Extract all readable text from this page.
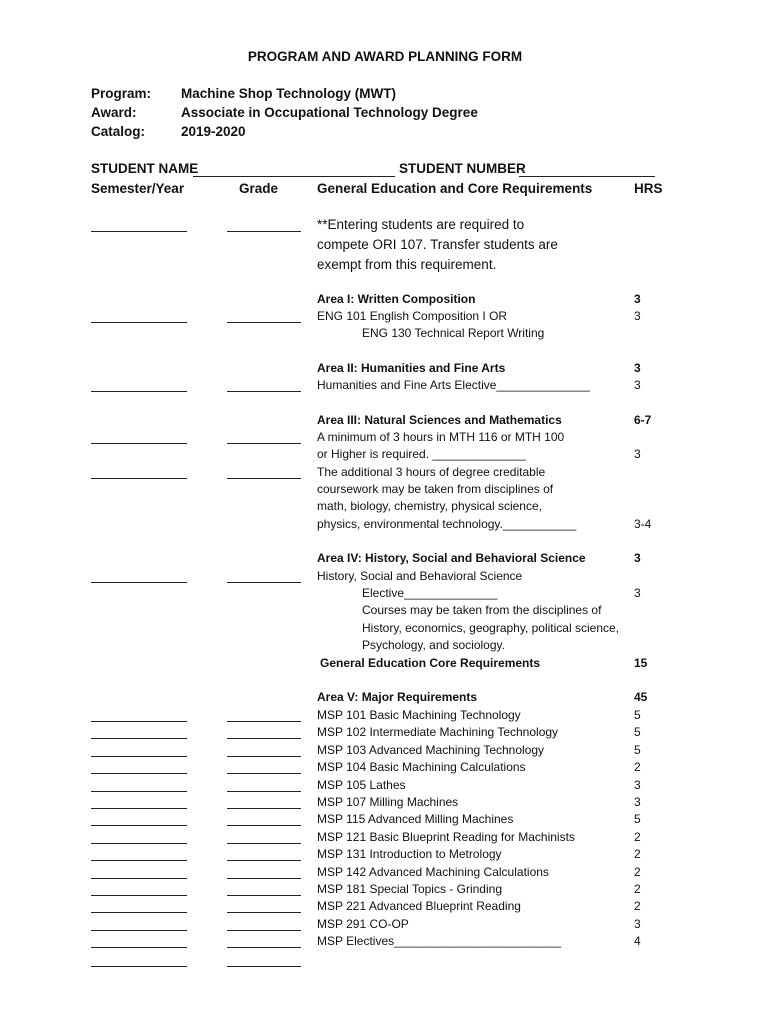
PROGRAM AND AWARD PLANNING FORM
Program: Machine Shop Technology (MWT)
Award:	Associate in Occupational Technology Degree
Catalog:	2019-2020
STUDENT NAME	STUDENT NUMBER
Semester/Year	Grade	General Education and Core Requirements	HRS
**Entering students are required to
compete ORI 107. Transfer students are
exempt from this requirement.
Area I: Written Composition	3
ENG 101 English Composition I OR	3
ENG 130 Technical Report Writing
Area II: Humanities and Fine Arts	3
Humanities and Fine Arts Elective______________	3
Area III: Natural Sciences and Mathematics	6-7
A minimum of 3 hours in MTH 116 or MTH 100
or Higher is required. ______________	3
The additional 3 hours of degree creditable
coursework may be taken from disciplines of
math, biology, chemistry, physical science,
physics, environmental technology.___________	3-4
Area IV: History, Social and Behavioral Science	3
History, Social and Behavioral Science
Elective______________	3
Courses may be taken from the disciplines of
History, economics, geography, political science,
Psychology, and sociology.
General Education Core Requirements	15
Area V: Major Requirements	45
MSP 101 Basic Machining Technology	5
MSP 102 Intermediate Machining Technology	5
MSP 103 Advanced Machining Technology	5
MSP 104 Basic Machining Calculations	2
MSP 105 Lathes	3
MSP 107 Milling Machines	3
MSP 115 Advanced Milling Machines	5
MSP 121 Basic Blueprint Reading for Machinists	2
MSP 131 Introduction to Metrology	2
MSP 142 Advanced Machining Calculations	2
MSP 181 Special Topics - Grinding	2
MSP 221 Advanced Blueprint Reading	2
MSP 291 CO-OP	3
MSP Electives_________________________	4
